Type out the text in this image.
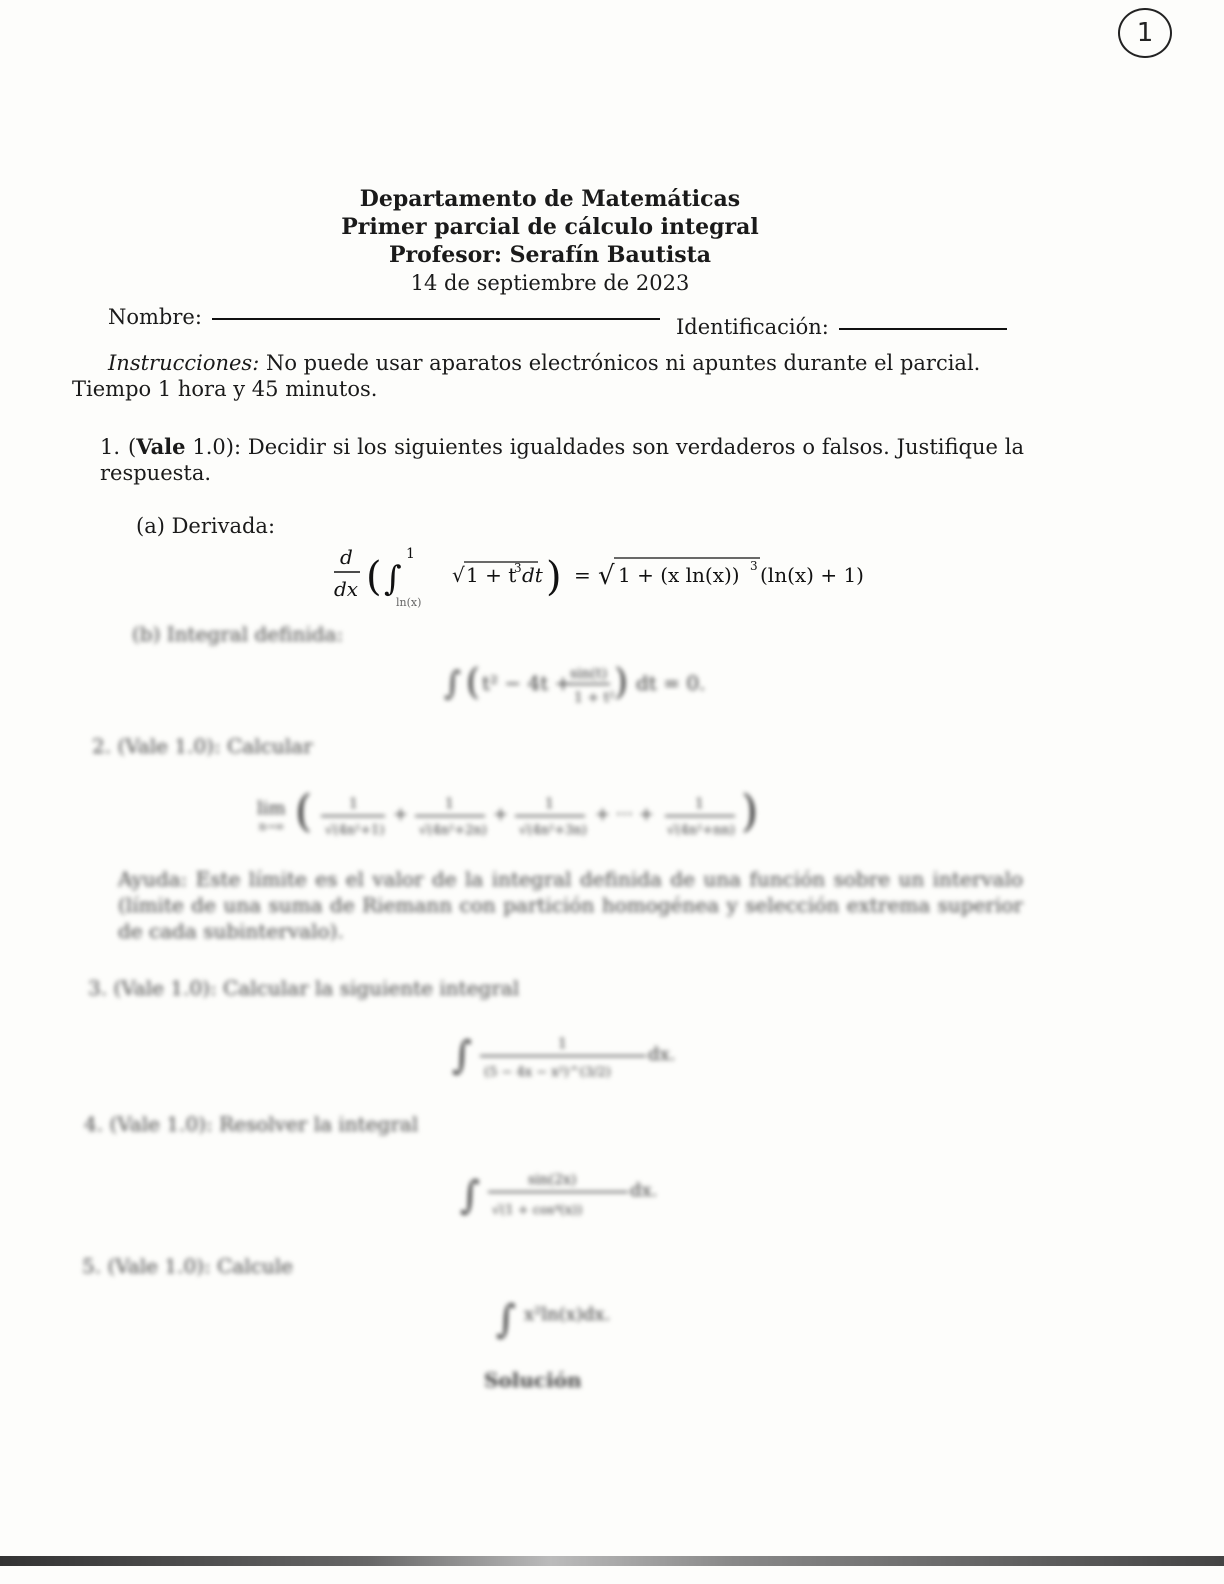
1
Departamento de Matemáticas
Primer parcial de cálculo integral
Profesor: Serafín Bautista
14 de septiembre de 2023
Nombre:	Identificación:
Instrucciones: No puede usar aparatos electrónicos ni apuntes durante el parcial. Tiempo 1 hora y 45 minutos.
1. (Vale 1.0): Decidir si los siguientes igualdades son verdaderos o falsos. Justifique la respuesta.
(a) Derivada:
d
dx ( ∫
1
ln(x)
√ 1 + t
3 dt ) = √ 1 + (x ln(x)) 3 (ln(x) + 1)
(b) Integral definida:
∫ ( t² − 4t +
sin(t)
1 + t² ) dt = 0.
2. (Vale 1.0): Calcular
lim
n→∞ (	1
√(4n²+1)
+	1
√(4n²+2n)
+	1
√(4n²+3n)
+ ··· +	1
√(4n²+nn) )
Ayuda: Este límite es el valor de la integral definida de una función sobre un intervalo (límite de una suma de Riemann con partición homogénea y selección extrema superior de cada subintervalo).
3. (Vale 1.0): Calcular la siguiente integral
∫	1
(5 − 4x − x²)^(3/2)
dx.
4. (Vale 1.0): Resolver la integral
∫	sin(2x)
√(1 + cos⁴(x))
dx.
5. (Vale 1.0): Calcule
∫ x²ln(x)dx.
Solución
